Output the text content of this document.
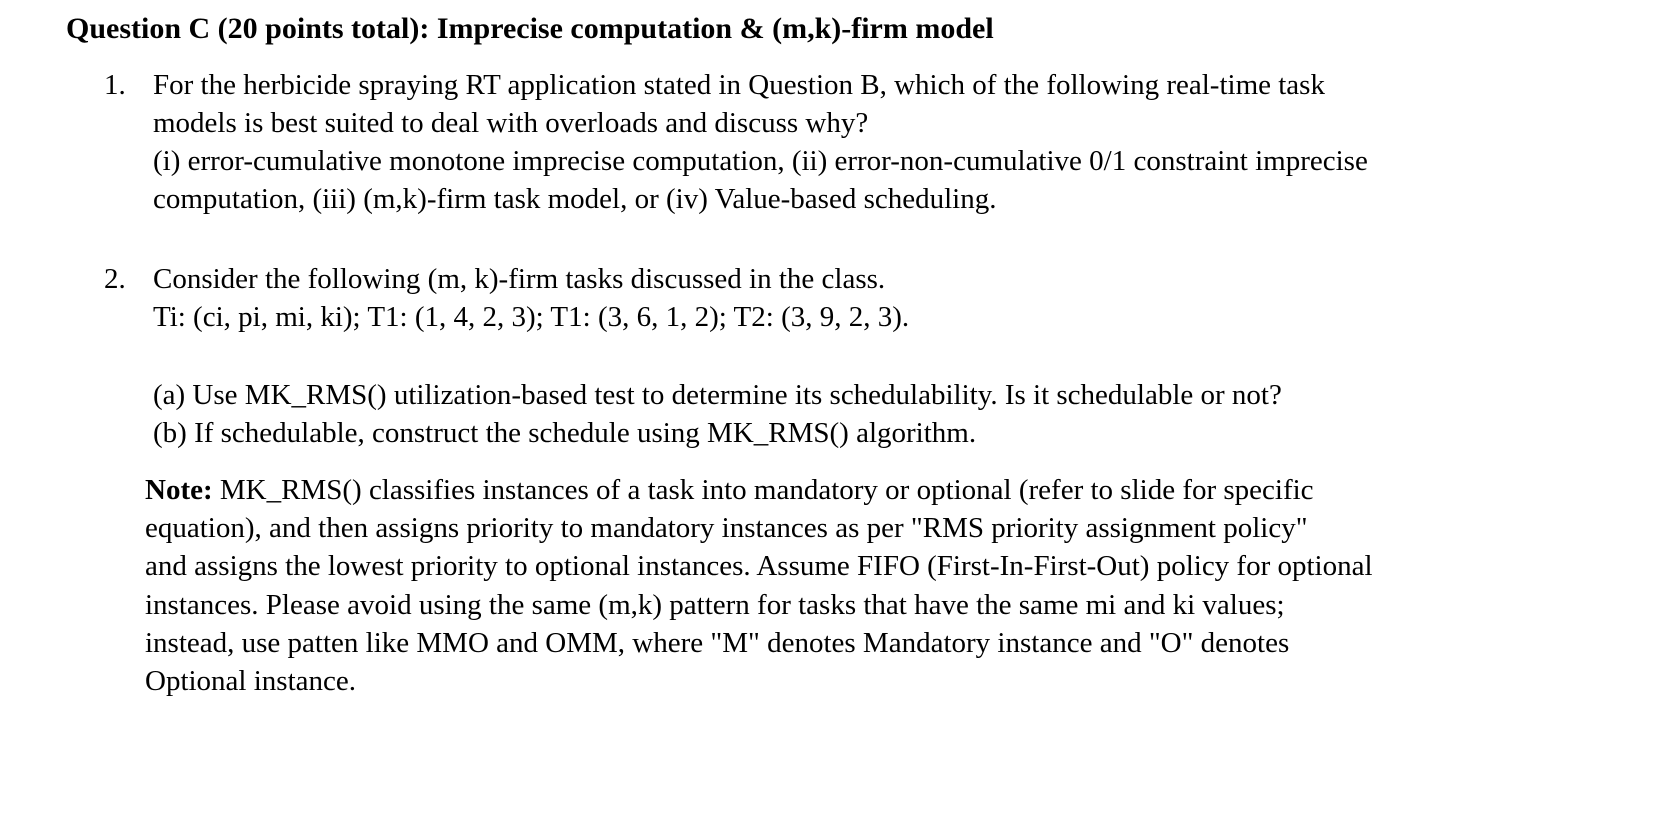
Question C (20 points total): Imprecise computation & (m,k)-firm model
1. For the herbicide spraying RT application stated in Question B, which of the following real-time task
models is best suited to deal with overloads and discuss why?
(i) error-cumulative monotone imprecise computation, (ii) error-non-cumulative 0/1 constraint imprecise
computation, (iii) (m,k)-firm task model, or (iv) Value-based scheduling.
2. Consider the following (m, k)-firm tasks discussed in the class.
Ti: (ci, pi, mi, ki); T1: (1, 4, 2, 3); T1: (3, 6, 1, 2); T2: (3, 9, 2, 3).
(a) Use MK_RMS() utilization-based test to determine its schedulability. Is it schedulable or not?
(b) If schedulable, construct the schedule using MK_RMS() algorithm.
Note: MK_RMS() classifies instances of a task into mandatory or optional (refer to slide for specific
equation), and then assigns priority to mandatory instances as per "RMS priority assignment policy"
and assigns the lowest priority to optional instances. Assume FIFO (First-In-First-Out) policy for optional
instances. Please avoid using the same (m,k) pattern for tasks that have the same mi and ki values;
instead, use patten like MMO and OMM, where "M" denotes Mandatory instance and "O" denotes
Optional instance.
